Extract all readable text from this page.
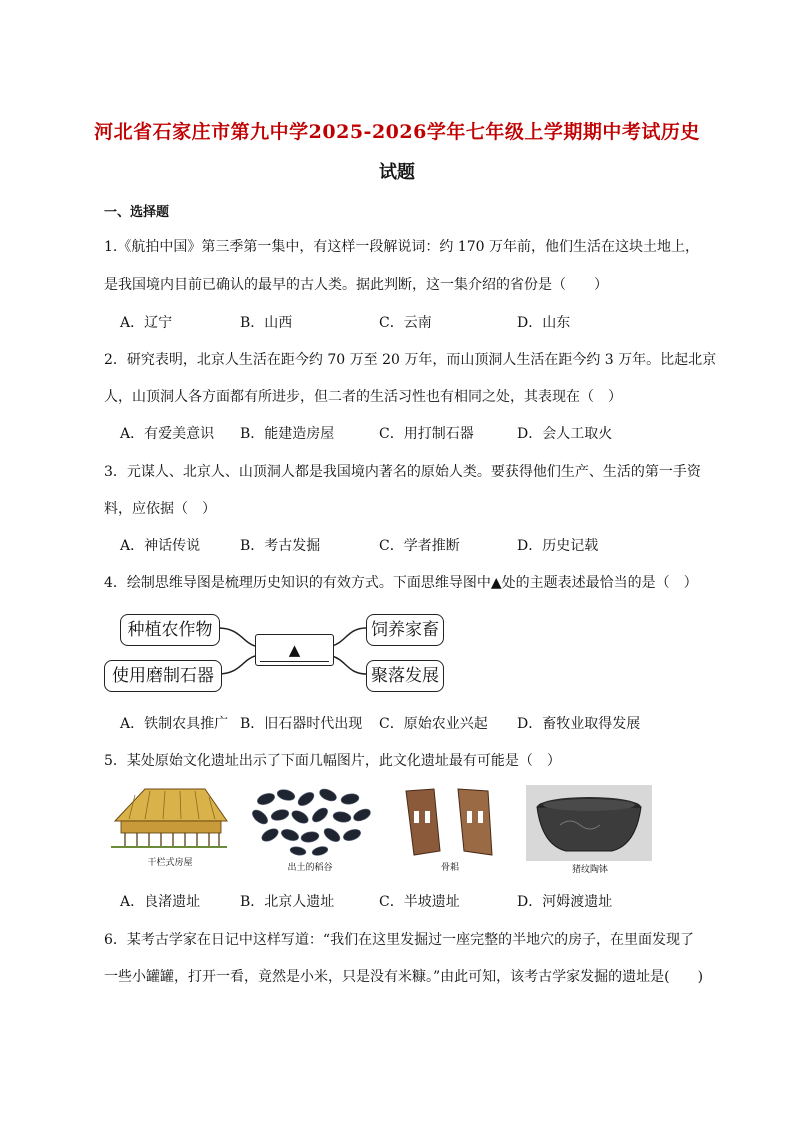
河北省石家庄市第九中学2025-2026学年七年级上学期期中考试历史
试题
一、选择题
1.《航拍中国》第三季第一集中，有这样一段解说词：约 170 万年前，他们生活在这块土地上，
是我国境内目前已确认的最早的古人类。据此判断，这一集介绍的省份是（　　）
A．辽宁	B．山西	C．云南	D．山东
2．研究表明，北京人生活在距今约 70 万至 20 万年，而山顶洞人生活在距今约 3 万年。比起北京
人，山顶洞人各方面都有所进步，但二者的生活习性也有相同之处，其表现在（　）
A．有爱美意识 B．能建造房屋	C．用打制石器	D．会人工取火
3．元谋人、北京人、山顶洞人都是我国境内著名的原始人类。要获得他们生产、生活的第一手资
料，应依据（　）
A．神话传说	B．考古发掘	C．学者推断	D．历史记载
4．绘制思维导图是梳理历史知识的有效方式。下面思维导图中▲处的主题表述最恰当的是（　）
种植农作物
使用磨制石器
▲
饲养家畜
聚落发展
A．铁制农具推广 B．旧石器时代出现 C．原始农业兴起 D．畜牧业取得发展
5．某处原始文化遗址出示了下面几幅图片，此文化遗址最有可能是（　）
干栏式房屋	出土的稻谷	骨耜	猪纹陶钵
A．良渚遗址	B．北京人遗址	C．半坡遗址	D．河姆渡遗址
6．某考古学家在日记中这样写道：“我们在这里发掘过一座完整的半地穴的房子，在里面发现了
一些小罐罐，打开一看，竟然是小米，只是没有米糠。”由此可知，该考古学家发掘的遗址是(　　)
